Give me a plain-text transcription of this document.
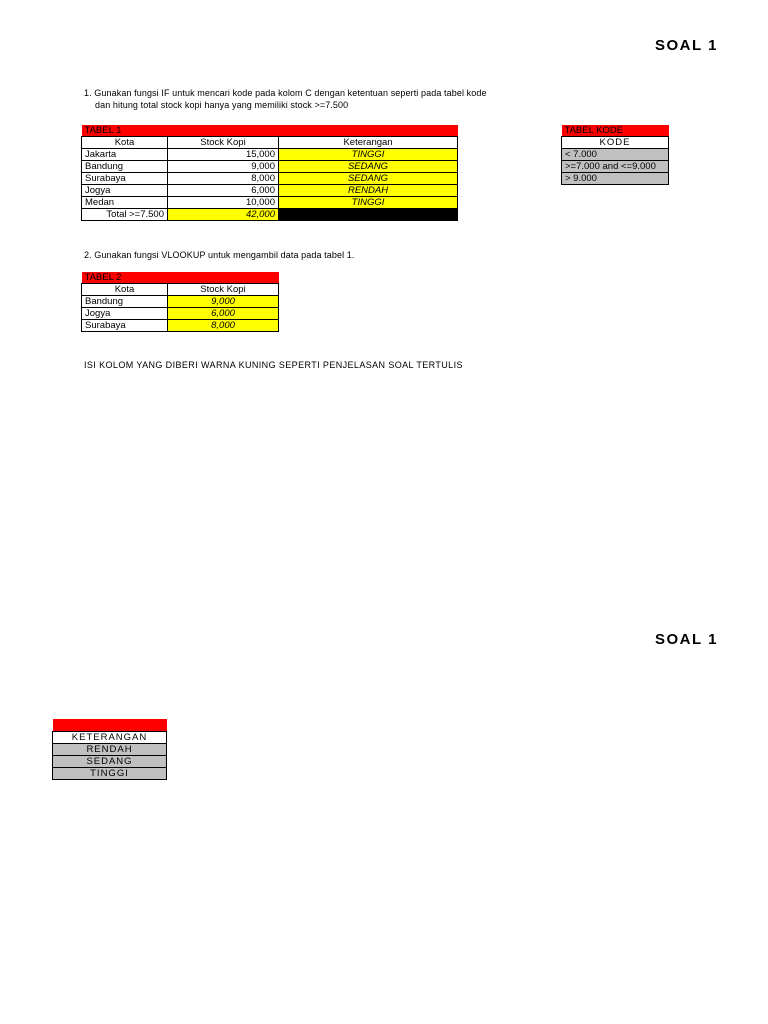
SOAL 1
1. Gunakan fungsi IF untuk mencari kode pada kolom C dengan ketentuan seperti pada tabel kode
dan hitung total stock kopi hanya yang memiliki stock >=7.500
TABEL 1		
Kota	Stock Kopi	Keterangan
Jakarta	15,000	TINGGI
Bandung	9,000	SEDANG
Surabaya	8,000	SEDANG
Jogya	6,000	RENDAH
Medan	10,000	TINGGI
Total >=7.500	42,000	
TABEL KODE
KODE
< 7.000
>=7.000 and <=9.000
> 9.000
2. Gunakan fungsi VLOOKUP untuk mengambil data pada tabel 1.
TABEL 2	
Kota	Stock Kopi
Bandung	9,000
Jogya	6,000
Surabaya	8,000
ISI KOLOM YANG DIBERI WARNA KUNING SEPERTI PENJELASAN SOAL TERTULIS
SOAL 1

KETERANGAN
RENDAH
SEDANG
TINGGI
